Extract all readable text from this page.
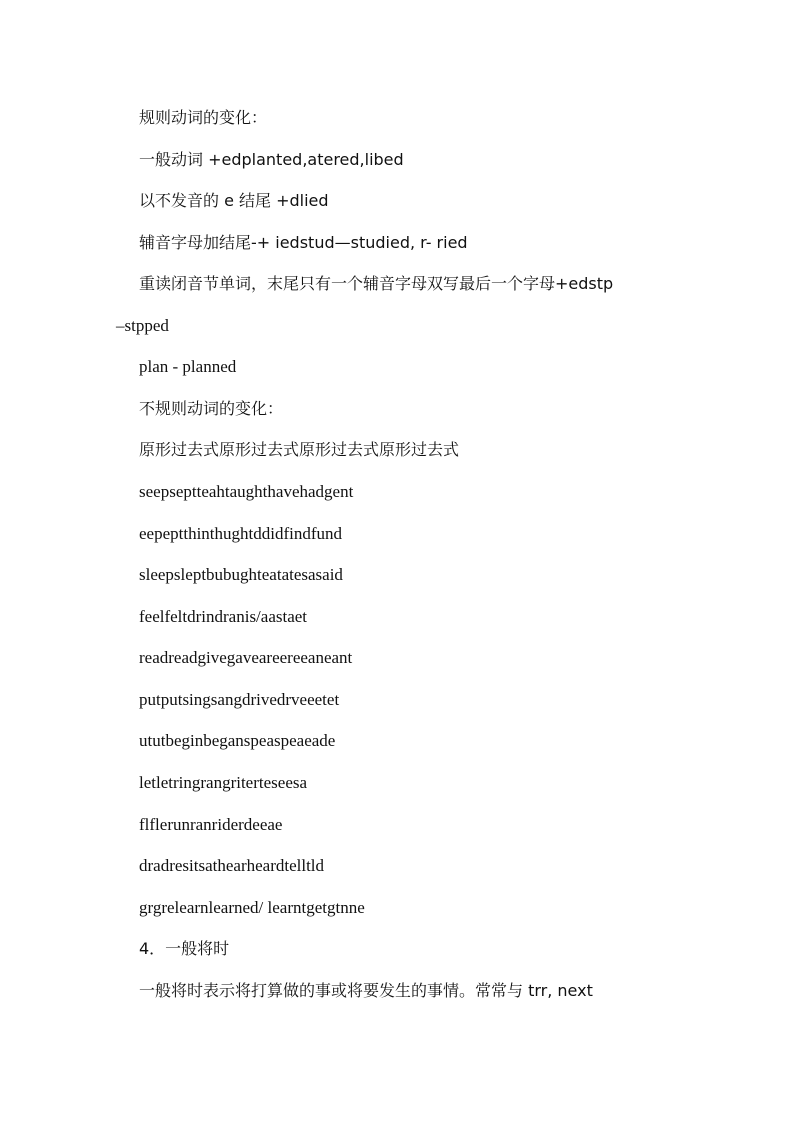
规则动词的变化：
一般动词 +edplanted,atered,libed
以不发音的 e 结尾 +dlied
辅音字母加结尾-+ iedstud—studied, r- ried
重读闭音节单词，末尾只有一个辅音字母双写最后一个字母+edstp
–stpped
plan - planned
不规则动词的变化：
原形过去式原形过去式原形过去式原形过去式
seepseptteahtaughthavehadgent
eepeptthinthughtddidfindfund
sleepsleptbubughteatatesasaid
feelfeltdrindranis/aastaet
readreadgivegaveareereeaneant
putputsingsangdrivedrveeetet
ututbeginbeganspeaspeaeade
letletringrangriterteseesa
flflerunranriderdeeae
dradresitsathearheardtelltld
grgrelearnlearned/ learntgetgtnne
4．一般将时
一般将时表示将打算做的事或将要发生的事情。常常与 trr, next
